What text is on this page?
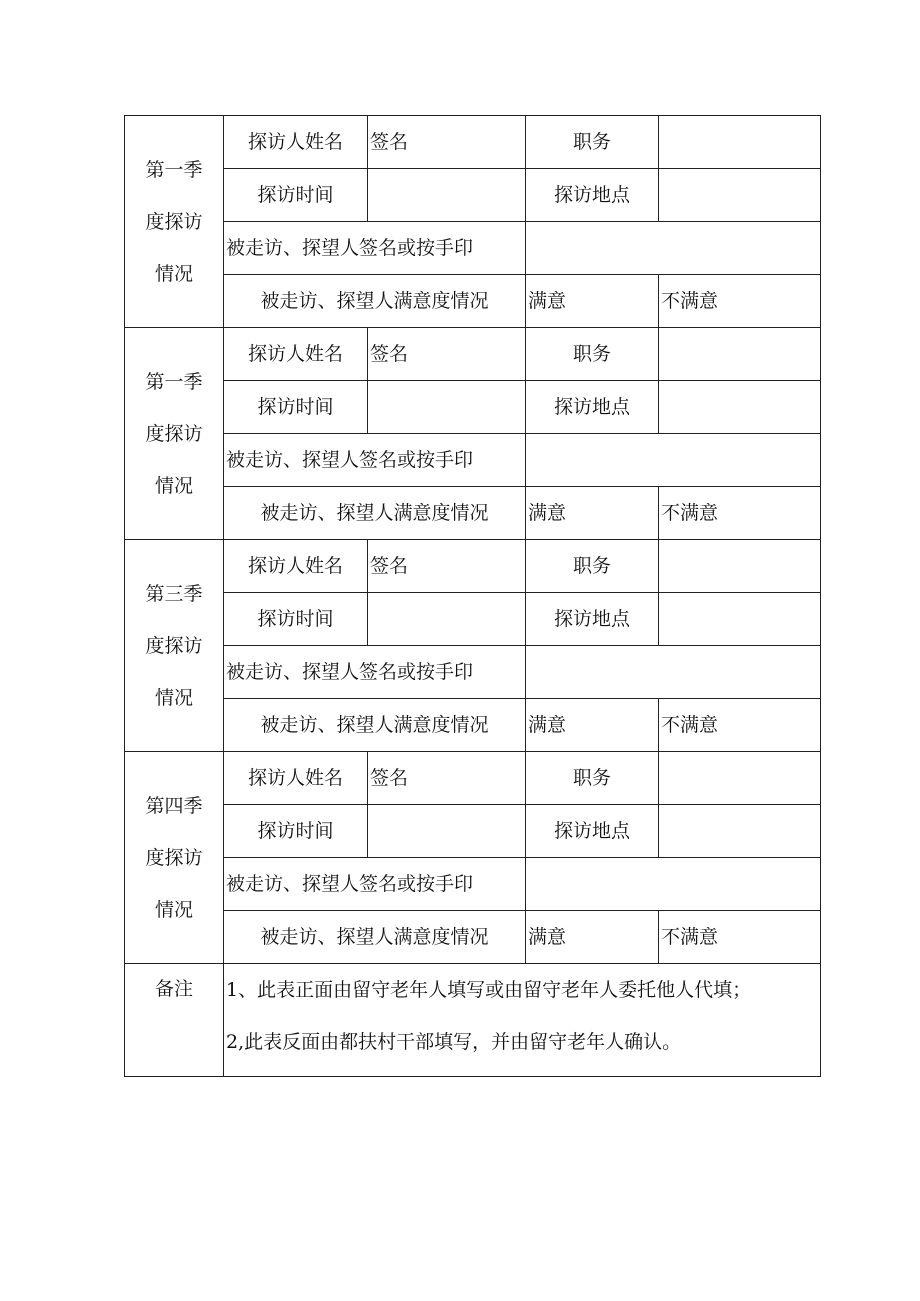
第一季
度探访
情况	探访人姓名	签名	职务	
	探访时间		探访地点	
	被走访、探望人签名或按手印			
	被走访、探望人满意度情况		满意	不满意

第一季
度探访
情况	探访人姓名	签名	职务	
	探访时间		探访地点	
	被走访、探望人签名或按手印			
	被走访、探望人满意度情况		满意	不满意

第三季
度探访
情况	探访人姓名	签名	职务	
	探访时间		探访地点	
	被走访、探望人签名或按手印			
	被走访、探望人满意度情况		满意	不满意

第四季
度探访
情况	探访人姓名	签名	职务	
	探访时间		探访地点	
	被走访、探望人签名或按手印			
	被走访、探望人满意度情况		满意	不满意
备注	1、此表正面由留守老年人填写或由留守老年人委托他人代填；
2,此表反面由都扶村干部填写，并由留守老年人确认。			
